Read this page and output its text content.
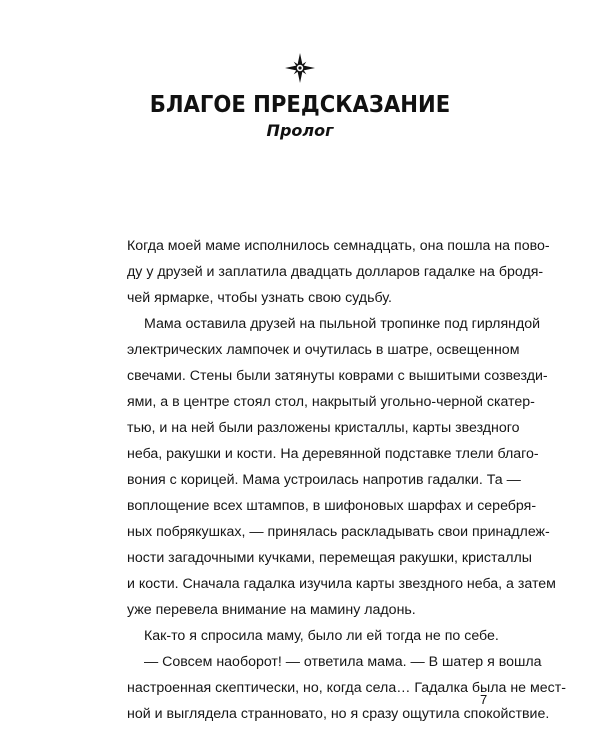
БЛАГОЕ ПРЕДСКАЗАНИЕ
Пролог
Когда моей маме исполнилось семнадцать, она пошла на пово-
ду у друзей и заплатила двадцать долларов гадалке на бродя-
чей ярмарке, чтобы узнать свою судьбу.
Мама оставила друзей на пыльной тропинке под гирляндой
электрических лампочек и очутилась в шатре, освещенном
свечами. Стены были затянуты коврами с вышитыми созвезди-
ями, а в центре стоял стол, накрытый угольно-черной скатер-
тью, и на ней были разложены кристаллы, карты звездного
неба, ракушки и кости. На деревянной подставке тлели благо-
вония с корицей. Мама устроилась напротив гадалки. Та —
воплощение всех штампов, в шифоновых шарфах и серебря-
ных побрякушках, — принялась раскладывать свои принадлеж-
ности загадочными кучками, перемещая ракушки, кристаллы
и кости. Сначала гадалка изучила карты звездного неба, а затем
уже перевела внимание на мамину ладонь.
Как-то я спросила маму, было ли ей тогда не по себе.
— Совсем наоборот! — ответила мама. — В шатер я вошла
настроенная скептически, но, когда села… Гадалка была не мест-
ной и выглядела странновато, но я сразу ощутила спокойствие.
7
